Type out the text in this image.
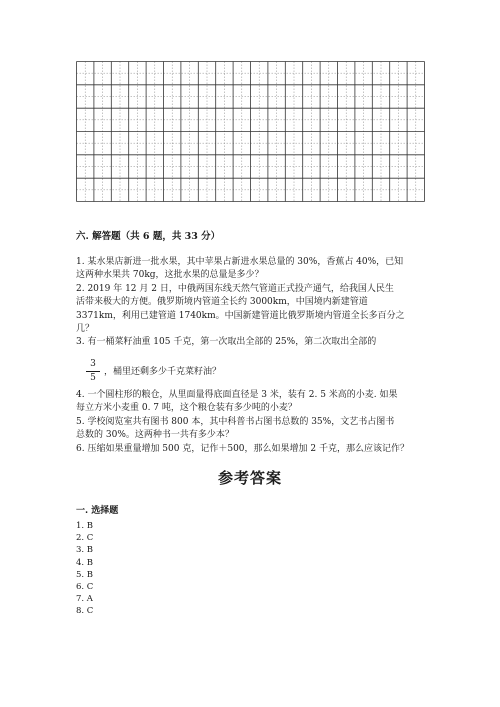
六. 解答题（共 6 题，共 33 分）
1. 某水果店新进一批水果，其中苹果占新进水果总量的 30%，香蕉占 40%，已知
这两种水果共 70kg，这批水果的总量是多少？
2. 2019 年 12 月 2 日，中俄两国东线天然气管道正式投产通气，给我国人民生
活带来极大的方便。俄罗斯境内管道全长约 3000km，中国境内新建管道
3371km，利用已建管道 1740km。中国新建管道比俄罗斯境内管道全长多百分之
几？
3. 有一桶菜籽油重 105 千克，第一次取出全部的 25%，第二次取出全部的
3
5
，桶里还剩多少千克菜籽油？
4. 一个圆柱形的粮仓，从里面量得底面直径是 3 米，装有 2. 5 米高的小麦. 如果
每立方米小麦重 0. 7 吨，这个粮仓装有多少吨的小麦？
5. 学校阅览室共有图书 800 本，其中科普书占图书总数的 35%，文艺书占图书
总数的 30%。这两种书一共有多少本？
6. 压缩如果重量增加 500 克，记作＋500，那么如果增加 2 千克，那么应该记作？
参考答案
一. 选择题
1. B
2. C
3. B
4. B
5. B
6. C
7. A
8. C
